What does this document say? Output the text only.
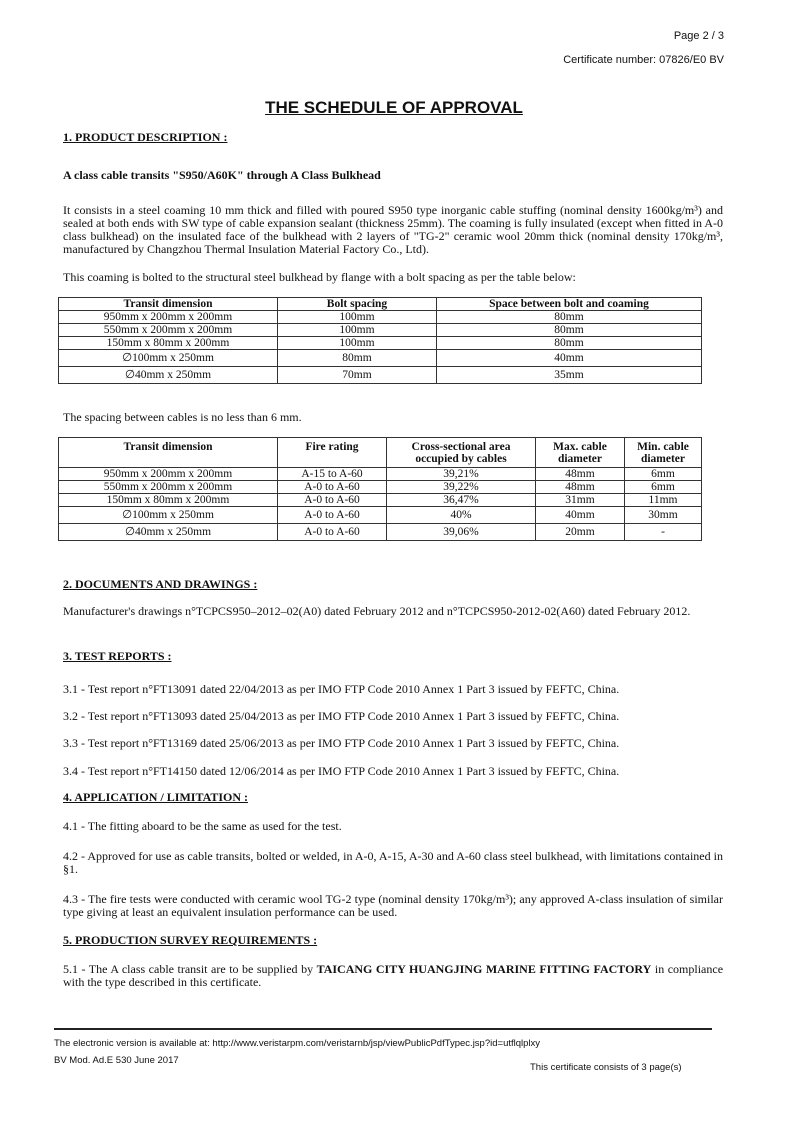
Page 2 / 3
Certificate number: 07826/E0 BV
THE SCHEDULE OF APPROVAL
1. PRODUCT DESCRIPTION :
A class cable transits "S950/A60K" through A Class Bulkhead
It consists in a steel coaming 10 mm thick and filled with poured S950 type inorganic cable stuffing (nominal density 1600kg/m³) and sealed at both ends with SW type of cable expansion sealant (thickness 25mm). The coaming is fully insulated (except when fitted in A-0 class bulkhead) on the insulated face of the bulkhead with 2 layers of "TG-2" ceramic wool 20mm thick (nominal density 170kg/m³, manufactured by Changzhou Thermal Insulation Material Factory Co., Ltd).
This coaming is bolted to the structural steel bulkhead by flange with a bolt spacing as per the table below:
Transit dimension	Bolt spacing	Space between bolt and coaming
950mm x 200mm x 200mm	100mm	80mm
550mm x 200mm x 200mm	100mm	80mm
150mm x 80mm x 200mm	100mm	80mm
∅100mm x 250mm	80mm	40mm
∅40mm x 250mm	70mm	35mm
The spacing between cables is no less than 6 mm.
Transit dimension	Fire rating	Cross-sectional area occupied by cables	Max. cable diameter	Min. cable diameter
950mm x 200mm x 200mm	A-15 to A-60	39,21%	48mm	6mm
550mm x 200mm x 200mm	A-0 to A-60	39,22%	48mm	6mm
150mm x 80mm x 200mm	A-0 to A-60	36,47%	31mm	11mm
∅100mm x 250mm	A-0 to A-60	40%	40mm	30mm
∅40mm x 250mm	A-0 to A-60	39,06%	20mm	-
2. DOCUMENTS AND DRAWINGS :
Manufacturer's drawings n°TCPCS950–2012–02(A0) dated February 2012 and n°TCPCS950-2012-02(A60) dated February 2012.
3. TEST REPORTS :
3.1 - Test report n°FT13091 dated 22/04/2013 as per IMO FTP Code 2010 Annex 1 Part 3 issued by FEFTC, China.
3.2 - Test report n°FT13093 dated 25/04/2013 as per IMO FTP Code 2010 Annex 1 Part 3 issued by FEFTC, China.
3.3 - Test report n°FT13169 dated 25/06/2013 as per IMO FTP Code 2010 Annex 1 Part 3 issued by FEFTC, China.
3.4 - Test report n°FT14150 dated 12/06/2014 as per IMO FTP Code 2010 Annex 1 Part 3 issued by FEFTC, China.
4. APPLICATION / LIMITATION :
4.1 - The fitting aboard to be the same as used for the test.
4.2 - Approved for use as cable transits, bolted or welded, in A-0, A-15, A-30 and A-60 class steel bulkhead, with limitations contained in §1.
4.3 - The fire tests were conducted with ceramic wool TG-2 type (nominal density 170kg/m³); any approved A-class insulation of similar type giving at least an equivalent insulation performance can be used.
5. PRODUCTION SURVEY REQUIREMENTS :
5.1 - The A class cable transit are to be supplied by TAICANG CITY HUANGJING MARINE FITTING FACTORY in compliance with the type described in this certificate.
The electronic version is available at: http://www.veristarpm.com/veristarnb/jsp/viewPublicPdfTypec.jsp?id=utflqlplxy
BV Mod. Ad.E 530 June 2017
This certificate consists of 3 page(s)
